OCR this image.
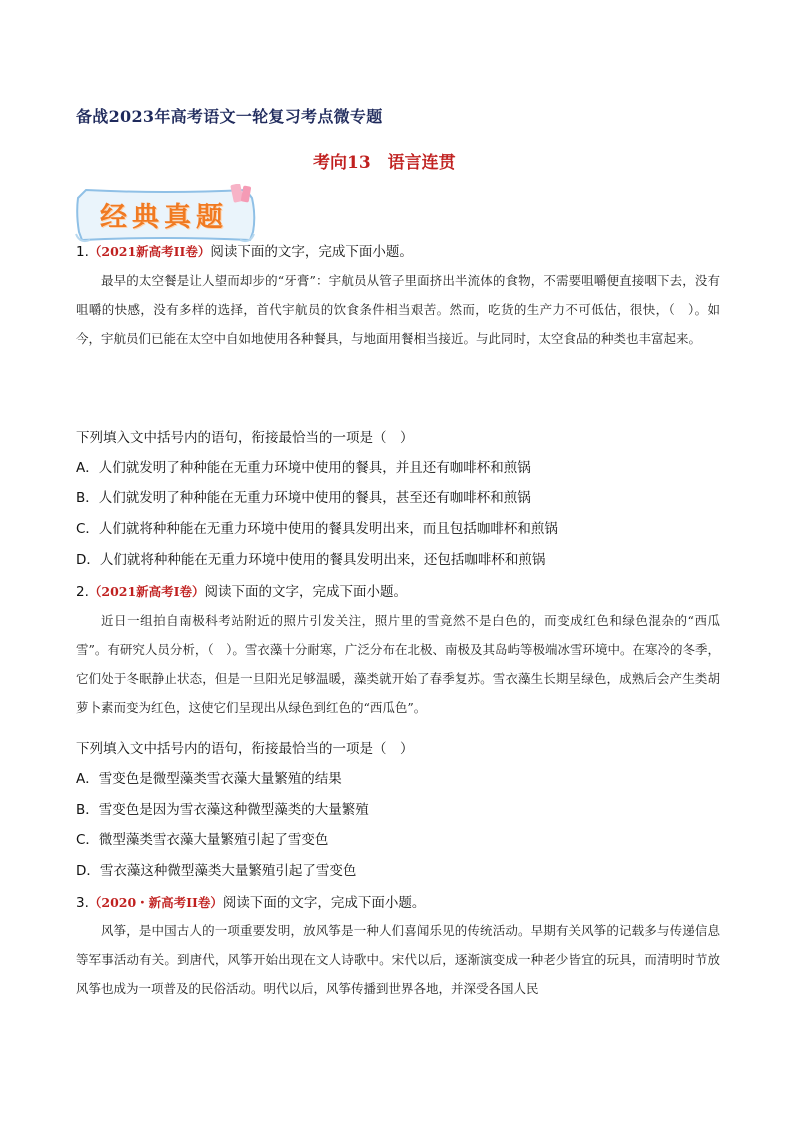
备战2023年高考语文一轮复习考点微专题
考向13　语言连贯
经典真题
1.（2021新高考II卷）阅读下面的文字，完成下面小题。
最早的太空餐是让人望而却步的“牙膏”：宇航员从管子里面挤出半流体的食物，不需要咀嚼便直接咽下去，没有咀嚼的快感，没有多样的选择，首代宇航员的饮食条件相当艰苦。然而，吃货的生产力不可低估，很快，（　）。如今，宇航员们已能在太空中自如地使用各种餐具，与地面用餐相当接近。与此同时，太空食品的种类也丰富起来。
下列填入文中括号内的语句，衔接最恰当的一项是（　）
A．人们就发明了种种能在无重力环境中使用的餐具，并且还有咖啡杯和煎锅
B．人们就发明了种种能在无重力环境中使用的餐具，甚至还有咖啡杯和煎锅
C．人们就将种种能在无重力环境中使用的餐具发明出来，而且包括咖啡杯和煎锅
D．人们就将种种能在无重力环境中使用的餐具发明出来，还包括咖啡杯和煎锅
2.（2021新高考I卷）阅读下面的文字，完成下面小题。
近日一组拍自南极科考站附近的照片引发关注，照片里的雪竟然不是白色的，而变成红色和绿色混杂的“西瓜雪”。有研究人员分析，（　）。雪衣藻十分耐寒，广泛分布在北极、南极及其岛屿等极端冰雪环境中。在寒冷的冬季，它们处于冬眠静止状态，但是一旦阳光足够温暖，藻类就开始了春季复苏。雪衣藻生长期呈绿色，成熟后会产生类胡萝卜素而变为红色，这使它们呈现出从绿色到红色的“西瓜色”。
下列填入文中括号内的语句，衔接最恰当的一项是（　）
A．雪变色是微型藻类雪衣藻大量繁殖的结果
B．雪变色是因为雪衣藻这种微型藻类的大量繁殖
C．微型藻类雪衣藻大量繁殖引起了雪变色
D．雪衣藻这种微型藻类大量繁殖引起了雪变色
3.（2020・新高考II卷）阅读下面的文字，完成下面小题。
风筝，是中国古人的一项重要发明，放风筝是一种人们喜闻乐见的传统活动。早期有关风筝的记载多与传递信息等军事活动有关。到唐代，风筝开始出现在文人诗歌中。宋代以后，逐渐演变成一种老少皆宜的玩具，而清明时节放风筝也成为一项普及的民俗活动。明代以后，风筝传播到世界各地，并深受各国人民
